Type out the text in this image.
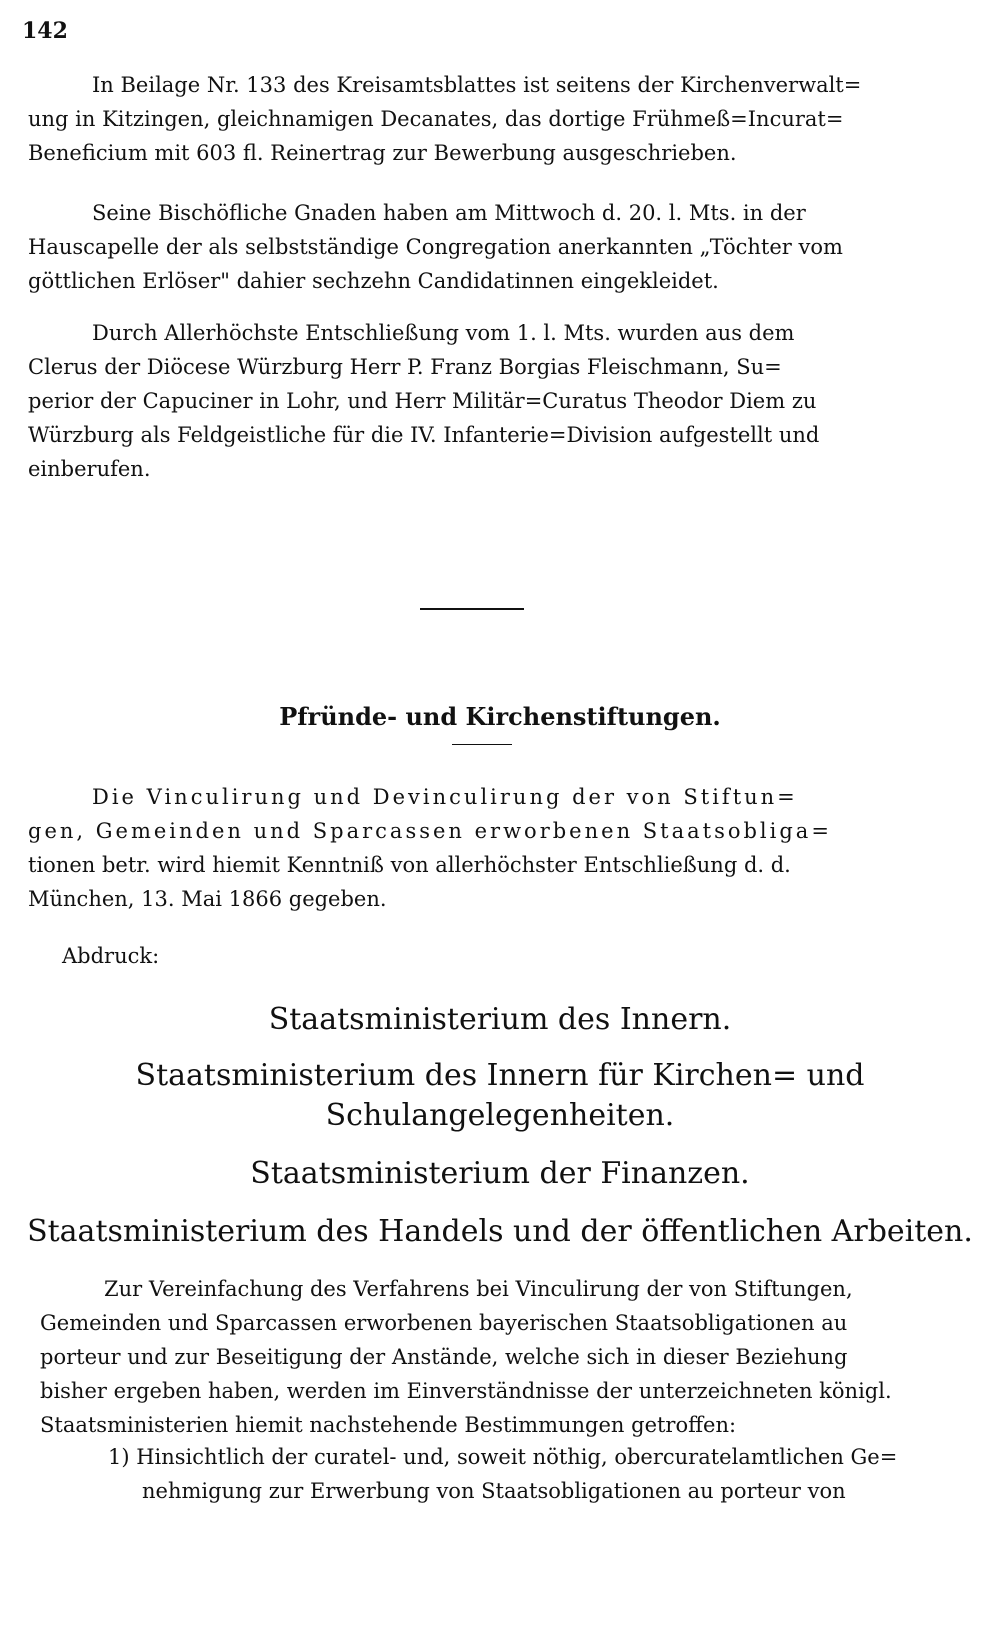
142
In Beilage Nr. 133 des Kreisamtsblattes ist seitens der Kirchenverwalt=
ung in Kitzingen, gleichnamigen Decanates, das dortige Frühmeß=Incurat=
Beneficium mit 603 fl. Reinertrag zur Bewerbung ausgeschrieben.
Seine Bischöfliche Gnaden haben am Mittwoch d. 20. l. Mts. in der
Hauscapelle der als selbstständige Congregation anerkannten „Töchter vom
göttlichen Erlöser" dahier sechzehn Candidatinnen eingekleidet.
Durch Allerhöchste Entschließung vom 1. l. Mts. wurden aus dem
Clerus der Diöcese Würzburg Herr P. Franz Borgias Fleischmann, Su=
perior der Capuciner in Lohr, und Herr Militär=Curatus Theodor Diem zu
Würzburg als Feldgeistliche für die IV. Infanterie=Division aufgestellt und
einberufen.
Pfründe- und Kirchenstiftungen.
Die Vinculirung und Devinculirung der von Stiftun=
gen, Gemeinden und Sparcassen erworbenen Staatsobliga=
tionen betr. wird hiemit Kenntniß von allerhöchster Entschließung d. d.
München, 13. Mai 1866 gegeben.
Abdruck:
Staatsministerium des Innern.
Staatsministerium des Innern für Kirchen= und
Schulangelegenheiten.
Staatsministerium der Finanzen.
Staatsministerium des Handels und der öffentlichen Arbeiten.
Zur Vereinfachung des Verfahrens bei Vinculirung der von Stiftungen,
Gemeinden und Sparcassen erworbenen bayerischen Staatsobligationen au
porteur und zur Beseitigung der Anstände, welche sich in dieser Beziehung
bisher ergeben haben, werden im Einverständnisse der unterzeichneten königl.
Staatsministerien hiemit nachstehende Bestimmungen getroffen:
1) Hinsichtlich der curatel- und, soweit nöthig, obercuratelamtlichen Ge=
nehmigung zur Erwerbung von Staatsobligationen au porteur von
